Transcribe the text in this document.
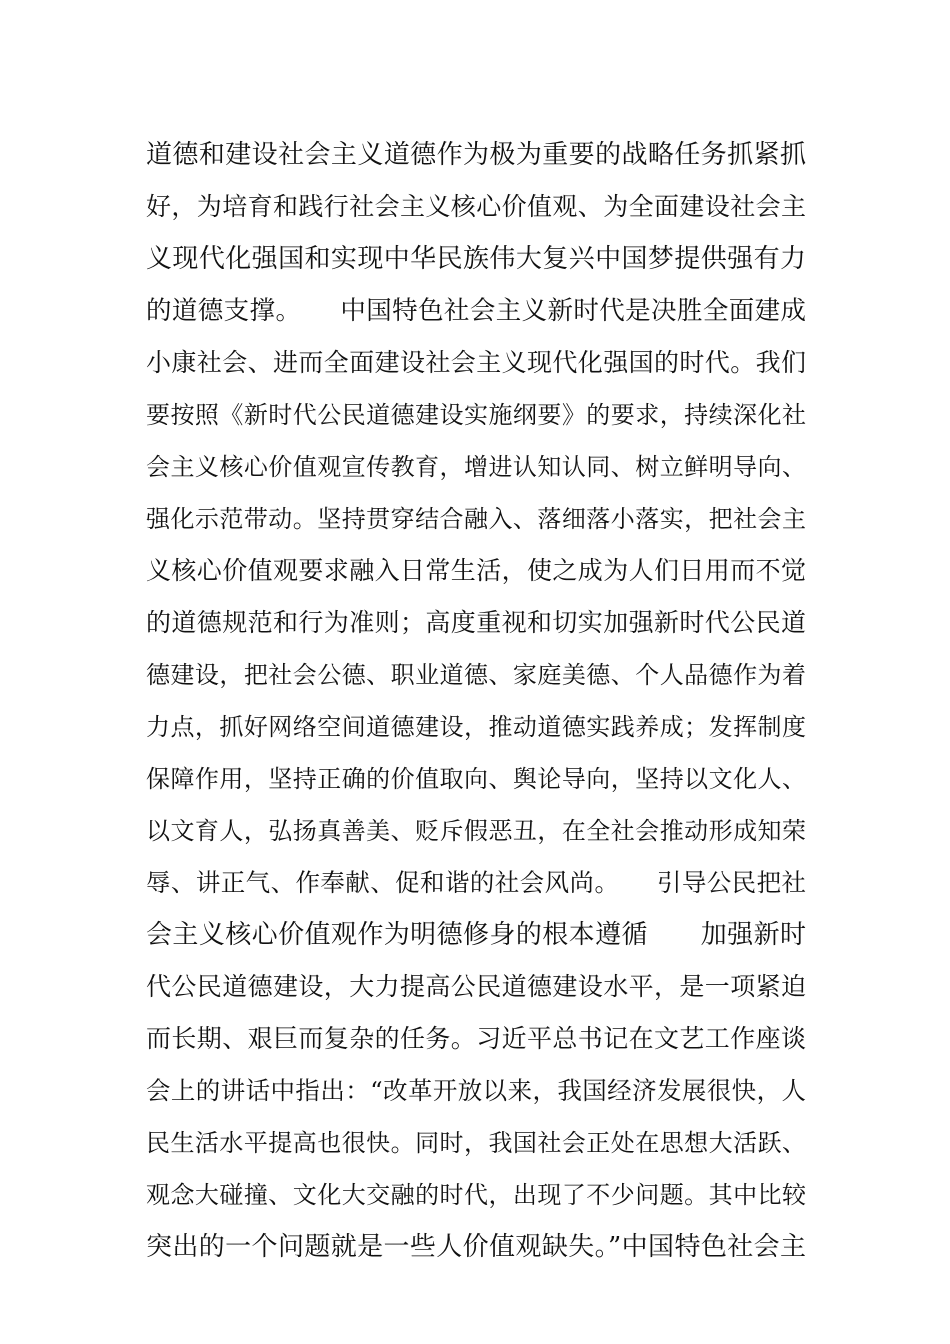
道德和建设社会主义道德作为极为重要的战略任务抓紧抓
好，为培育和践行社会主义核心价值观、为全面建设社会主
义现代化强国和实现中华民族伟大复兴中国梦提供强有力
的道德支撑。　　中国特色社会主义新时代是决胜全面建成
小康社会、进而全面建设社会主义现代化强国的时代。我们
要按照《新时代公民道德建设实施纲要》的要求，持续深化社
会主义核心价值观宣传教育，增进认知认同、树立鲜明导向、
强化示范带动。坚持贯穿结合融入、落细落小落实，把社会主
义核心价值观要求融入日常生活，使之成为人们日用而不觉
的道德规范和行为准则；高度重视和切实加强新时代公民道
德建设，把社会公德、职业道德、家庭美德、个人品德作为着
力点，抓好网络空间道德建设，推动道德实践养成；发挥制度
保障作用，坚持正确的价值取向、舆论导向，坚持以文化人、
以文育人，弘扬真善美、贬斥假恶丑，在全社会推动形成知荣
辱、讲正气、作奉献、促和谐的社会风尚。　　引导公民把社
会主义核心价值观作为明德修身的根本遵循　　加强新时
代公民道德建设，大力提高公民道德建设水平，是一项紧迫
而长期、艰巨而复杂的任务。习近平总书记在文艺工作座谈
会上的讲话中指出：“改革开放以来，我国经济发展很快，人
民生活水平提高也很快。同时，我国社会正处在思想大活跃、
观念大碰撞、文化大交融的时代，出现了不少问题。其中比较
突出的一个问题就是一些人价值观缺失。”中国特色社会主
